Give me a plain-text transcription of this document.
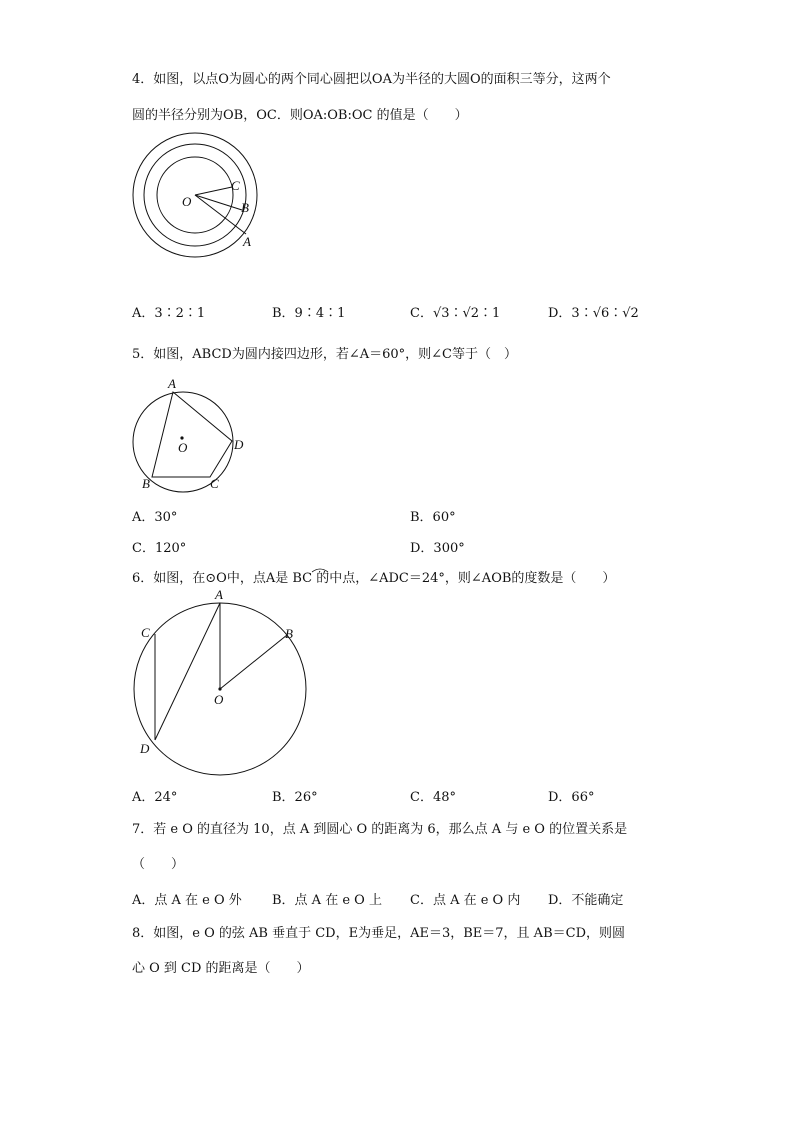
4．如图，以点O为圆心的两个同心圆把以OA为半径的大圆O的面积三等分，这两个
圆的半径分别为OB，OC．则OA:OB:OC 的值是（　　）
O
C
B
A
A．3∶2∶1	B．9∶4∶1	C．√3∶√2∶1	D．3∶√6∶√2
5．如图，ABCD为圆内接四边形，若∠A＝60°，则∠C等于（　）
A
O	D
B	C
A．30°	B．60°
C．120°	D．300°
6．如图，在⊙O中，点A是 BC 的中点，∠ADC＝24°，则∠AOB的度数是（　　）
A
B
C
D
O
A．24°	B．26°	C．48°	D．66°
7．若 e O 的直径为 10，点 A 到圆心 O 的距离为 6，那么点 A 与 e O 的位置关系是
（　　）
A．点 A 在 e O 外 B．点 A 在 e O 上 C．点 A 在 e O 内 D．不能确定
8．如图，e O 的弦 AB 垂直于 CD，E为垂足，AE＝3，BE＝7，且 AB＝CD，则圆
心 O 到 CD 的距离是（　　）
